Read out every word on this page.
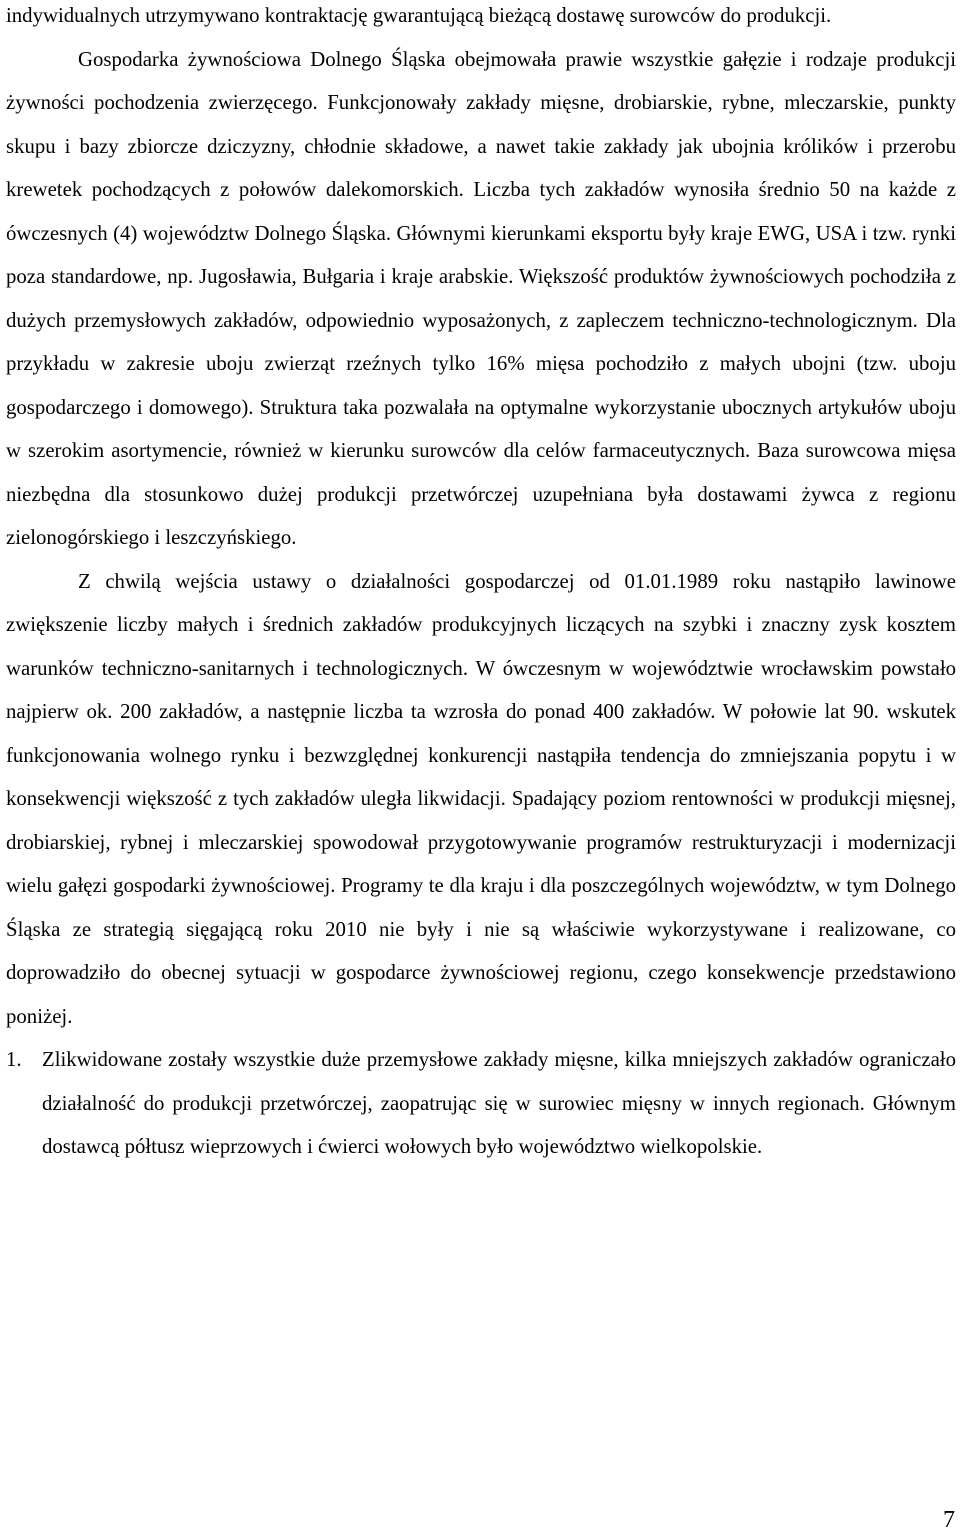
indywidualnych utrzymywano kontraktację gwarantującą bieżącą dostawę surowców do produkcji.

Gospodarka żywnościowa Dolnego Śląska obejmowała prawie wszystkie gałęzie i rodzaje produkcji żywności pochodzenia zwierzęcego. Funkcjonowały zakłady mięsne, drobiarskie, rybne, mleczarskie, punkty skupu i bazy zbiorcze dziczyzny, chłodnie składowe, a nawet takie zakłady jak ubojnia królików i przerobu krewetek pochodzących z połowów dalekomorskich. Liczba tych zakładów wynosiła średnio 50 na każde z ówczesnych (4) województw Dolnego Śląska. Głównymi kierunkami eksportu były kraje EWG, USA i tzw. rynki poza standardowe, np. Jugosławia, Bułgaria i kraje arabskie. Większość produktów żywnościowych pochodziła z dużych przemysłowych zakładów, odpowiednio wyposażonych, z zapleczem techniczno-technologicznym. Dla przykładu w zakresie uboju zwierząt rzeźnych tylko 16% mięsa pochodziło z małych ubojni (tzw. uboju gospodarczego i domowego). Struktura taka pozwalała na optymalne wykorzystanie ubocznych artykułów uboju w szerokim asortymencie, również w kierunku surowców dla celów farmaceutycznych. Baza surowcowa mięsa niezbędna dla stosunkowo dużej produkcji przetwórczej uzupełniana była dostawami żywca z regionu zielonogórskiego i leszczyńskiego.

Z chwilą wejścia ustawy o działalności gospodarczej od 01.01.1989 roku nastąpiło lawinowe zwiększenie liczby małych i średnich zakładów produkcyjnych liczących na szybki i znaczny zysk kosztem warunków techniczno-sanitarnych i technologicznych. W ówczesnym w województwie wrocławskim powstało najpierw ok. 200 zakładów, a następnie liczba ta wzrosła do ponad 400 zakładów. W połowie lat 90. wskutek funkcjonowania wolnego rynku i bezwzględnej konkurencji nastąpiła tendencja do zmniejszania popytu i w konsekwencji większość z tych zakładów uległa likwidacji. Spadający poziom rentowności w produkcji mięsnej, drobiarskiej, rybnej i mleczarskiej spowodował przygotowywanie programów restrukturyzacji i modernizacji wielu gałęzi gospodarki żywnościowej. Programy te dla kraju i dla poszczególnych województw, w tym Dolnego Śląska ze strategią sięgającą roku 2010 nie były i nie są właściwie wykorzystywane i realizowane, co doprowadziło do obecnej sytuacji w gospodarce żywnościowej regionu, czego konsekwencje przedstawiono poniżej.

1. Zlikwidowane zostały wszystkie duże przemysłowe zakłady mięsne, kilka mniejszych zakładów ograniczało działalność do produkcji przetwórczej, zaopatrując się w surowiec mięsny w innych regionach. Głównym dostawcą półtusz wieprzowych i ćwierci wołowych było województwo wielkopolskie.
7
